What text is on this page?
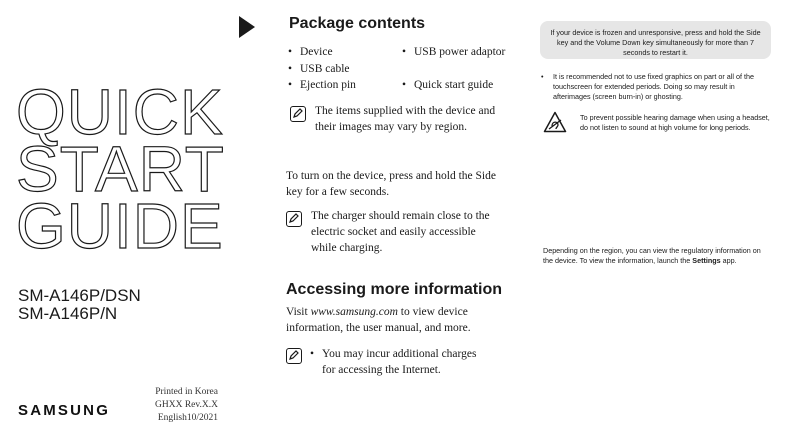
QUICK
START
GUIDE
SM-A146P/DSN
SM-A146P/N
Printed in Korea
GHXX Rev.X.X
English10/2021
SAMSUNG
Package contents
• Device	• USB power adaptor
• USB cable
• Ejection pin	• Quick start guide
The items supplied with the device and their images may vary by region.
To turn on the device, press and hold the Side key for a few seconds.
The charger should remain close to the electric socket and easily accessible while charging.
Accessing more information
Visit www.samsung.com to view device information, the user manual, and more.
• You may incur additional charges for accessing the Internet.
If your device is frozen and unresponsive, press and hold the Side key and the Volume Down key simultaneously for more than 7 seconds to restart it.
• It is recommended not to use fixed graphics on part or all of the touchscreen for extended periods. Doing so may result in afterimages (screen burn-in) or ghosting.
To prevent possible hearing damage when using a headset, do not listen to sound at high volume for long periods.
Depending on the region, you can view the regulatory information on the device. To view the information, launch the Settings app.
